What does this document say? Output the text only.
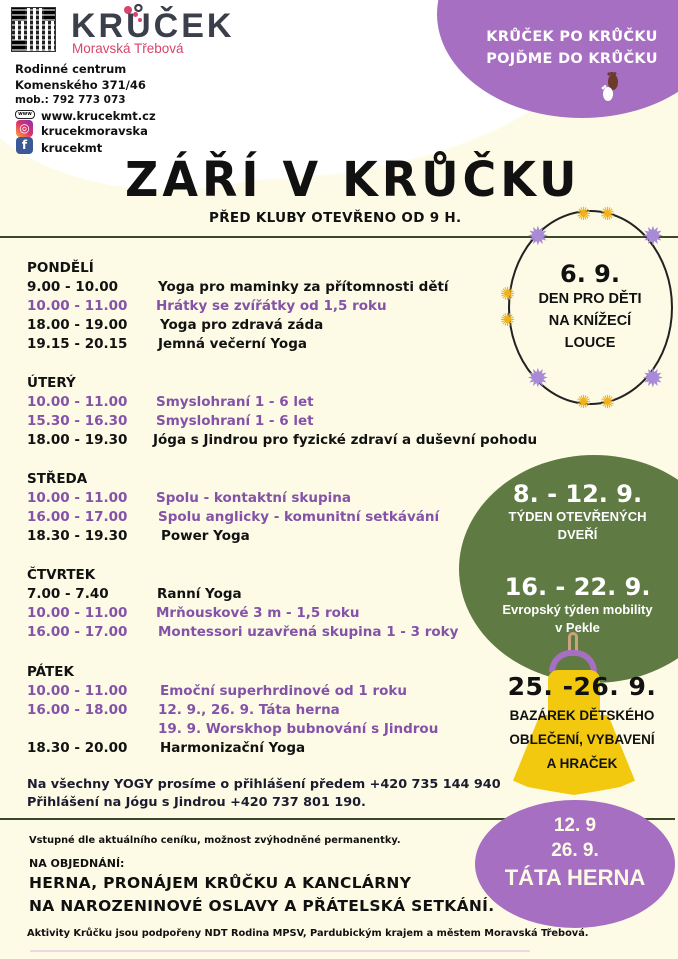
KRŮČEK
Moravská Třebová
Rodinné centrum
Komenského 371/46
mob.: 792 773 073
www www.krucekmt.cz
◎ krucekmoravska
f	krucekmt
KRŮČEK PO KRŮČKU
POJĎME DO KRŮČKU
ZÁŘÍ V KRŮČKU
PŘED KLUBY OTEVŘENO OD 9 H.	✺ ✺
✹	✹
✺
✺
✹	✹
✺ ✺
6. 9.
DEN PRO DĚTI
NA KNÍŽECÍ
LOUCE
PONDĚLÍ
9.00 - 10.00	Yoga pro maminky za přítomnosti dětí
10.00 - 11.00 Hrátky se zvířátky od 1,5 roku
18.00 - 19.00 Yoga pro zdravá záda
19.15 - 20.15 Jemná večerní Yoga
ÚTERÝ
10.00 - 11.00 Smyslohraní 1 - 6 let
15.30 - 16.30 Smyslohraní 1 - 6 let
18.00 - 19.30 Jóga s Jindrou pro fyzické zdraví a duševní pohodu
8. - 12. 9.
TÝDEN OTEVŘENÝCH
DVEŘÍ
16. - 22. 9.
Evropský týden mobility
v Pekle
STŘEDA
10.00 - 11.00 Spolu - kontaktní skupina
16.00 - 17.00 Spolu anglicky - komunitní setkávání
18.30 - 19.30 Power Yoga
ČTVRTEK
7.00 - 7.40	Ranní Yoga
10.00 - 11.00 Mrňouskové 3 m - 1,5 roku
16.00 - 17.00 Montessori uzavřená skupina 1 - 3 roky
25. -26. 9.
BAZÁREK DĚTSKÉHO
OBLEČENÍ, VYBAVENÍ
A HRAČEK
PÁTEK
10.00 - 11.00 Emoční superhrdinové od 1 roku
16.00 - 18.00 12. 9., 26. 9. Táta herna
19. 9. Worskhop bubnování s Jindrou
18.30 - 20.00 Harmonizační Yoga
Na všechny YOGY prosíme o přihlášení předem +420 735 144 940
Přihlášení na Jógu s Jindrou +420 737 801 190.
12. 9
26. 9.
TÁTA HERNA
Vstupné dle aktuálního ceníku, možnost zvýhodněné permanentky.
NA OBJEDNÁNÍ:
HERNA, PRONÁJEM KRŮČKU A KANCLÁRNY
NA NAROZENINOVÉ OSLAVY A PŘÁTELSKÁ SETKÁNÍ.
Aktivity Krůčku jsou podpořeny NDT Rodina MPSV, Pardubickým krajem a městem Moravská Třebová.
